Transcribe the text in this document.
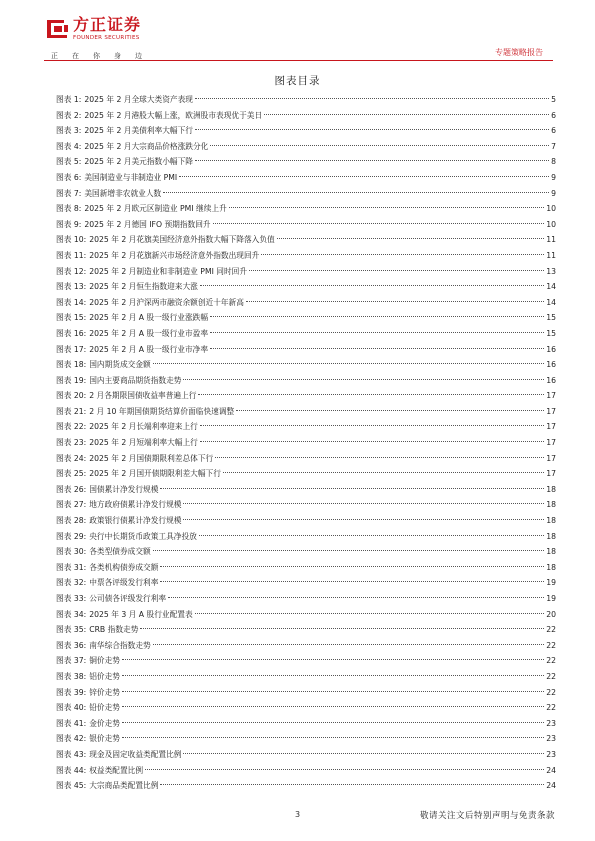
方正证券
FOUNDER SECURITIES
正在你身边	专题策略报告
图表目录
图表 1: 2025 年 2 月全球大类资产表现	5
图表 2: 2025 年 2 月港股大幅上涨，欧洲股市表现优于美日	6
图表 3: 2025 年 2 月美债利率大幅下行	6
图表 4: 2025 年 2 月大宗商品价格涨跌分化	7
图表 5: 2025 年 2 月美元指数小幅下降	8
图表 6: 美国制造业与非制造业 PMI	9
图表 7: 美国新增非农就业人数	9
图表 8: 2025 年 2 月欧元区制造业 PMI 继续上升	10
图表 9: 2025 年 2 月德国 IFO 预期指数回升	10
图表 10: 2025 年 2 月花旗美国经济意外指数大幅下降落入负值	11
图表 11: 2025 年 2 月花旗新兴市场经济意外指数出现回升	11
图表 12: 2025 年 2 月制造业和非制造业 PMI 同时回升	13
图表 13: 2025 年 2 月恒生指数迎来大涨	14
图表 14: 2025 年 2 月沪深两市融资余额创近十年新高	14
图表 15: 2025 年 2 月 A 股一级行业涨跌幅	15
图表 16: 2025 年 2 月 A 股一级行业市盈率	15
图表 17: 2025 年 2 月 A 股一级行业市净率	16
图表 18: 国内期货成交金额	16
图表 19: 国内主要商品期货指数走势	16
图表 20: 2 月各期限国债收益率普遍上行	17
图表 21: 2 月 10 年期国债期货结算价面临快速调整	17
图表 22: 2025 年 2 月长端利率迎来上行	17
图表 23: 2025 年 2 月短端利率大幅上行	17
图表 24: 2025 年 2 月国债期限利差总体下行	17
图表 25: 2025 年 2 月国开债期限利差大幅下行	17
图表 26: 国债累计净发行规模	18
图表 27: 地方政府债累计净发行规模	18
图表 28: 政策银行债累计净发行规模	18
图表 29: 央行中长期货币政策工具净投放	18
图表 30: 各类型债券成交额	18
图表 31: 各类机构债券成交额	18
图表 32: 中票各评级发行利率	19
图表 33: 公司债各评级发行利率	19
图表 34: 2025 年 3 月 A 股行业配置表	20
图表 35: CRB 指数走势	22
图表 36: 南华综合指数走势	22
图表 37: 铜价走势	22
图表 38: 铝价走势	22
图表 39: 锌价走势	22
图表 40: 铅价走势	22
图表 41: 金价走势	23
图表 42: 银价走势	23
图表 43: 现金及固定收益类配置比例	23
图表 44: 权益类配置比例	24
图表 45: 大宗商品类配置比例	24
3	敬请关注文后特别声明与免责条款
